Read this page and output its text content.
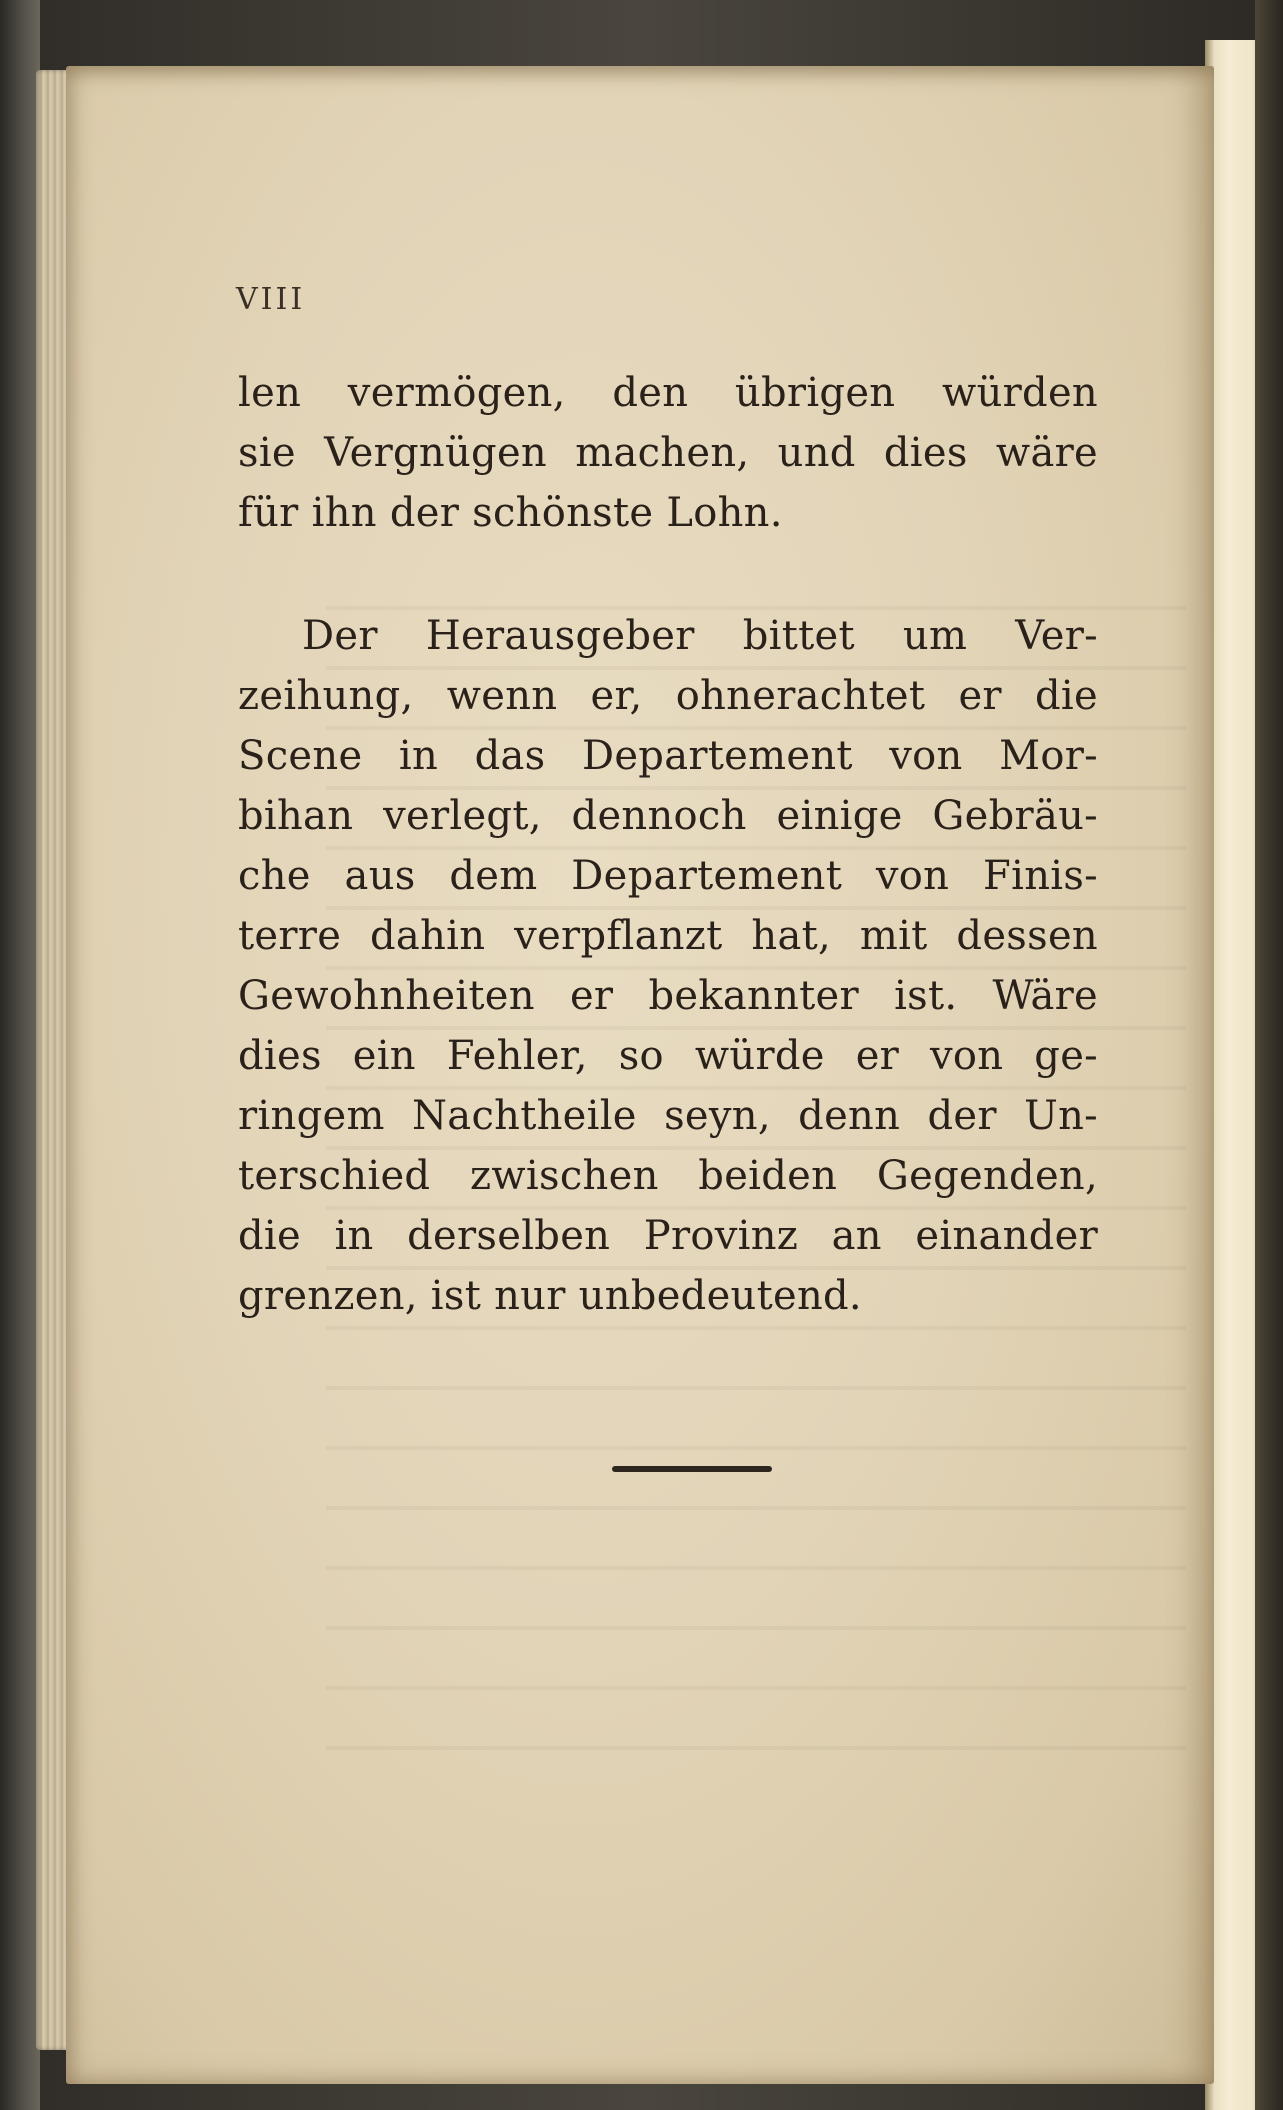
VIII
len vermögen, den übrigen würden
sie Vergnügen machen, und dies wäre
für ihn der schönste Lohn.
Der Herausgeber bittet um Ver-
zeihung, wenn er, ohnerachtet er die
Scene in das Departement von Mor-
bihan verlegt, dennoch einige Gebräu-
che aus dem Departement von Finis-
terre dahin verpflanzt hat, mit dessen
Gewohnheiten er bekannter ist. Wäre
dies ein Fehler, so würde er von ge-
ringem Nachtheile seyn, denn der Un-
terschied zwischen beiden Gegenden,
die in derselben Provinz an einander
grenzen, ist nur unbedeutend.
